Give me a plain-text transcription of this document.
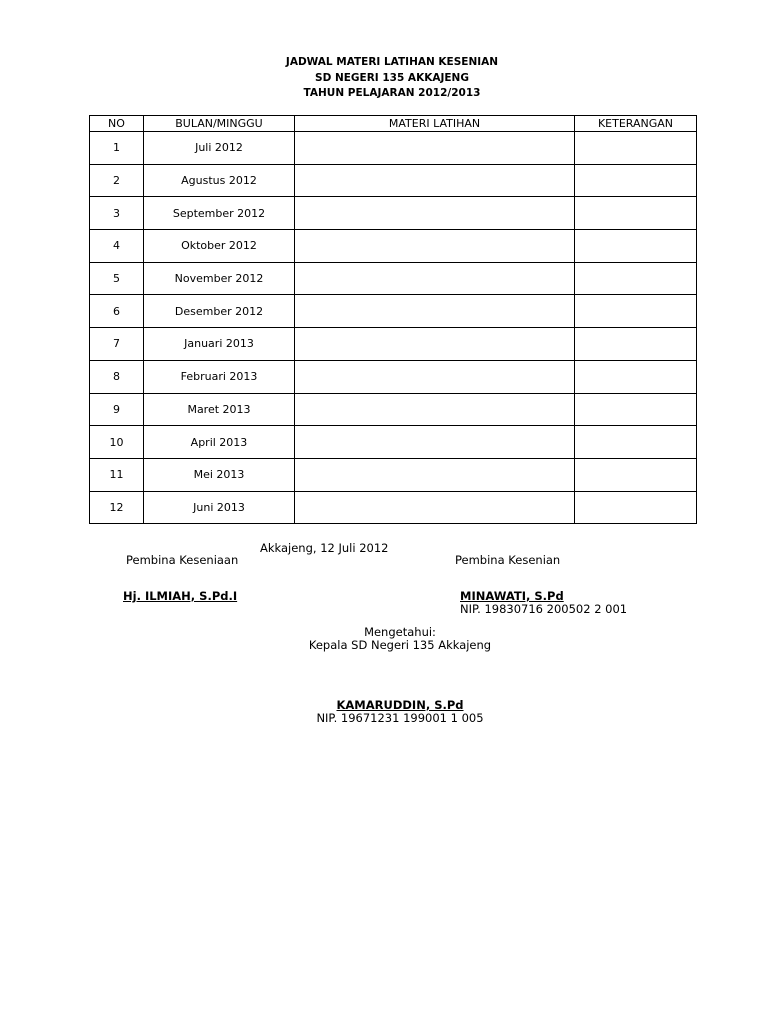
JADWAL MATERI LATIHAN KESENIAN
SD NEGERI 135 AKKAJENG
TAHUN PELAJARAN 2012/2013
NO	BULAN/MINGGU	MATERI LATIHAN	KETERANGAN
1	Juli 2012		
2	Agustus 2012		
3	September 2012		
4	Oktober 2012		
5	November 2012		
6	Desember 2012		
7	Januari 2013		
8	Februari 2013		
9	Maret 2013		
10	April 2013		
11	Mei 2013		
12	Juni 2013		
Akkajeng, 12 Juli 2012
Pembina Keseniaan	Pembina Kesenian
Hj. ILMIAH, S.Pd.I	MINAWATI, S.Pd
NIP. 19830716 200502 2 001
Mengetahui:
Kepala SD Negeri 135 Akkajeng
KAMARUDDIN, S.Pd
NIP. 19671231 199001 1 005
